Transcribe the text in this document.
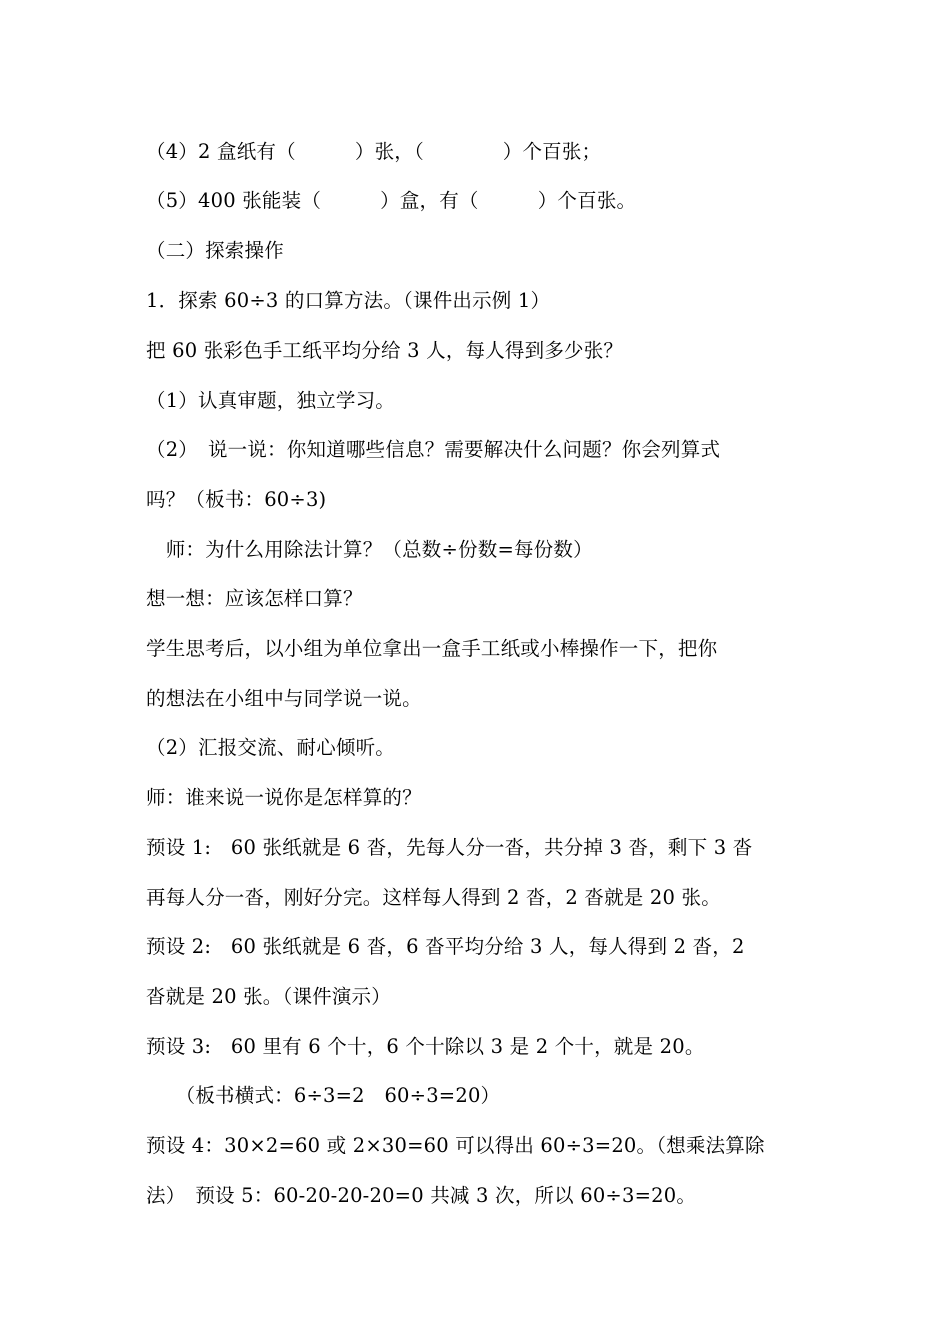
（4）2 盒纸有（　　　）张，（　　　　）个百张；
（5）400 张能装（　　　）盒，有（　　　）个百张。
（二）探索操作
1．探索 60÷3 的口算方法。（课件出示例 1）
把 60 张彩色手工纸平均分给 3 人，每人得到多少张？
（1）认真审题，独立学习。
（2）　说一说：你知道哪些信息？需要解决什么问题？你会列算式
吗？（板书：60÷3)
　师：为什么用除法计算？（总数÷份数=每份数）
想一想：应该怎样口算？
学生思考后，以小组为单位拿出一盒手工纸或小棒操作一下，把你
的想法在小组中与同学说一说。
（2）汇报交流、耐心倾听。
师：谁来说一说你是怎样算的？
预设 1:　60 张纸就是 6 沓，先每人分一沓，共分掉 3 沓，剩下 3 沓
再每人分一沓，刚好分完。这样每人得到 2 沓，2 沓就是 20 张。
预设 2:　60 张纸就是 6 沓，6 沓平均分给 3 人，每人得到 2 沓，2
沓就是 20 张。（课件演示）
预设 3:　60 里有 6 个十，6 个十除以 3 是 2 个十，就是 20。
　　（板书横式：6÷3=2　60÷3=20）
预设 4：30×2=60 或 2×30=60 可以得出 60÷3=20。（想乘法算除
法）　预设 5：60-20-20-20=0 共减 3 次，所以 60÷3=20。
